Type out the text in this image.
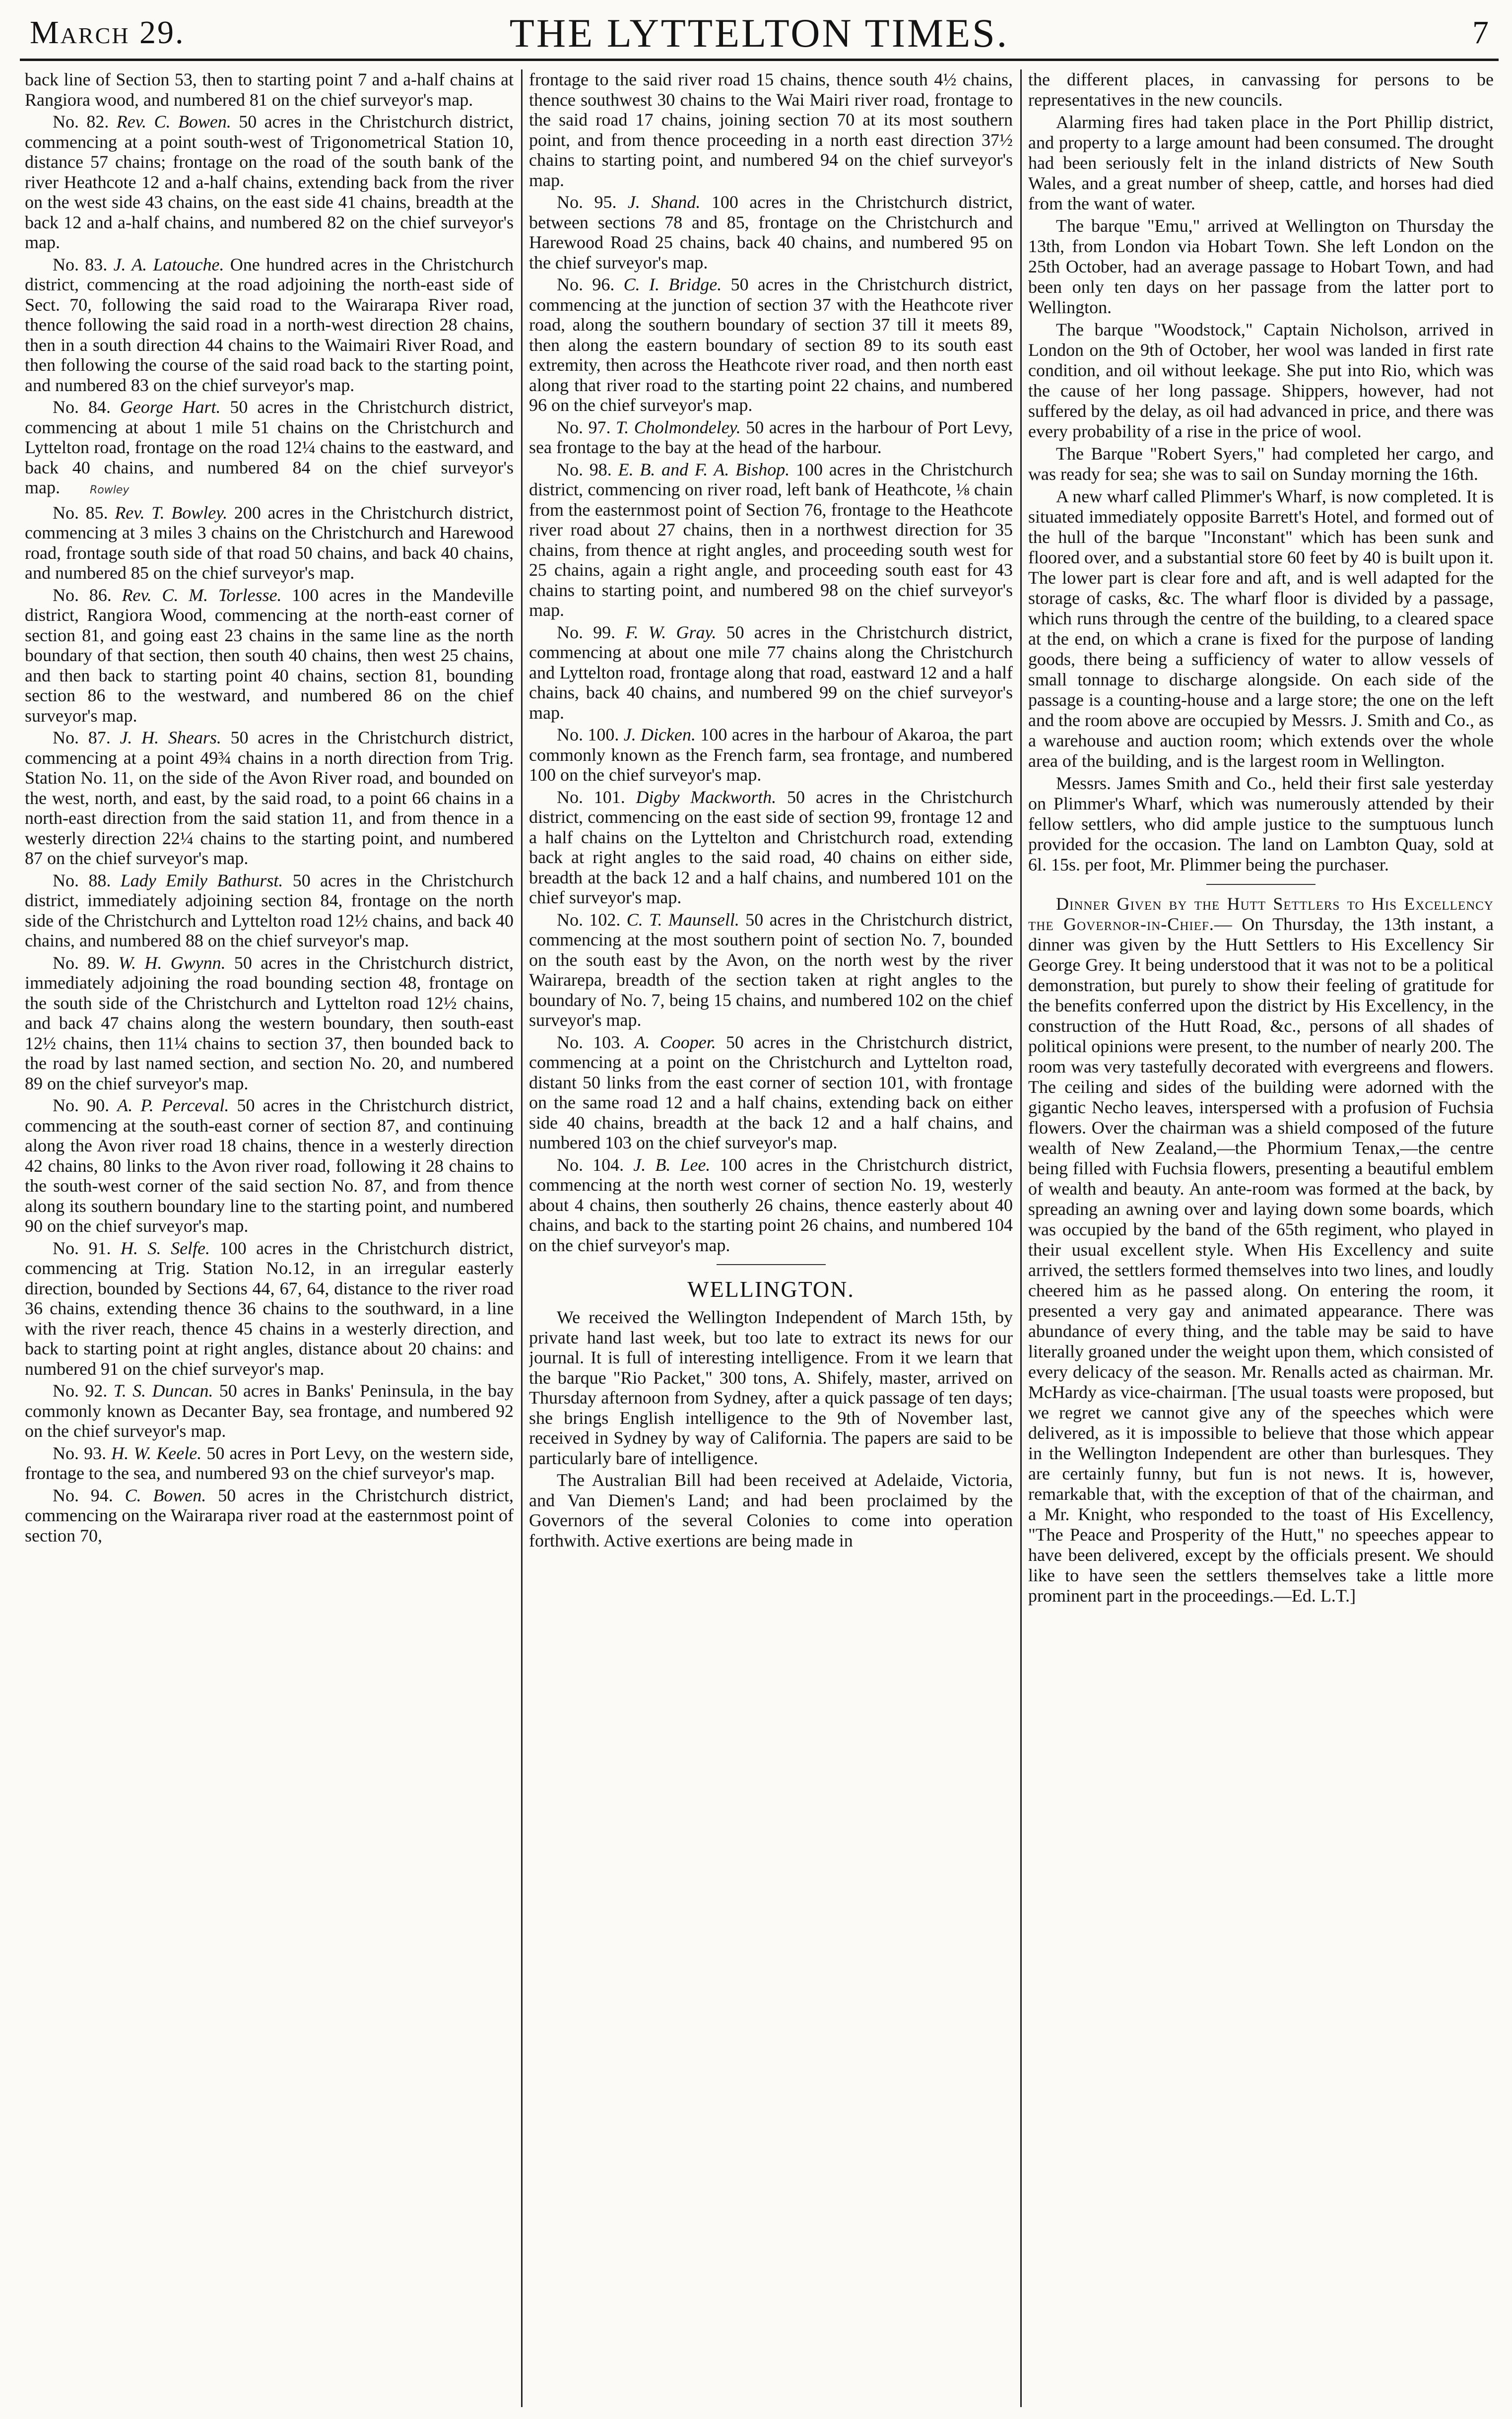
March 29.	THE LYTTELTON TIMES.	7

back line of Section 53, then to starting point 7 and a-half chains at Rangiora wood, and numbered 81 on the chief surveyor's map.

No. 82. Rev. C. Bowen. 50 acres in the Christchurch district, commencing at a point south-west of Trigonometrical Station 10, distance 57 chains; frontage on the road of the south bank of the river Heathcote 12 and a-half chains, extending back from the river on the west side 43 chains, on the east side 41 chains, breadth at the back 12 and a-half chains, and numbered 82 on the chief surveyor's map.

No. 83. J. A. Latouche. One hundred acres in the Christchurch district, commencing at the road adjoining the north-east side of Sect. 70, following the said road to the Wairarapa River road, thence following the said road in a north-west direction 28 chains, then in a south direction 44 chains to the Waimairi River Road, and then following the course of the said road back to the starting point, and numbered 83 on the chief surveyor's map.

No. 84. George Hart. 50 acres in the Christchurch district, commencing at about 1 mile 51 chains on the Christchurch and Lyttelton road, frontage on the road 12¼ chains to the eastward, and back 40 chains, and numbered 84 on the chief surveyor's map.	Rowley

No. 85. Rev. T. Bowley. 200 acres in the Christchurch district, commencing at 3 miles 3 chains on the Christchurch and Harewood road, frontage south side of that road 50 chains, and back 40 chains, and numbered 85 on the chief surveyor's map.

No. 86. Rev. C. M. Torlesse. 100 acres in the Mandeville district, Rangiora Wood, commencing at the north-east corner of section 81, and going east 23 chains in the same line as the north boundary of that section, then south 40 chains, then west 25 chains, and then back to starting point 40 chains, section 81, bounding section 86 to the westward, and numbered 86 on the chief surveyor's map.

No. 87. J. H. Shears. 50 acres in the Christchurch district, commencing at a point 49¾ chains in a north direction from Trig. Station No. 11, on the side of the Avon River road, and bounded on the west, north, and east, by the said road, to a point 66 chains in a north-east direction from the said station 11, and from thence in a westerly direction 22¼ chains to the starting point, and numbered 87 on the chief surveyor's map.

No. 88. Lady Emily Bathurst. 50 acres in the Christchurch district, immediately adjoining section 84, frontage on the north side of the Christchurch and Lyttelton road 12½ chains, and back 40 chains, and numbered 88 on the chief surveyor's map.

No. 89. W. H. Gwynn. 50 acres in the Christchurch district, immediately adjoining the road bounding section 48, frontage on the south side of the Christchurch and Lyttelton road 12½ chains, and back 47 chains along the western boundary, then south-east 12½ chains, then 11¼ chains to section 37, then bounded back to the road by last named section, and section No. 20, and numbered 89 on the chief surveyor's map.

No. 90. A. P. Perceval. 50 acres in the Christchurch district, commencing at the south-east corner of section 87, and continuing along the Avon river road 18 chains, thence in a westerly direction 42 chains, 80 links to the Avon river road, following it 28 chains to the south-west corner of the said section No. 87, and from thence along its southern boundary line to the starting point, and numbered 90 on the chief surveyor's map.

No. 91. H. S. Selfe. 100 acres in the Christchurch district, commencing at Trig. Station No.12, in an irregular easterly direction, bounded by Sections 44, 67, 64, distance to the river road 36 chains, extending thence 36 chains to the southward, in a line with the river reach, thence 45 chains in a westerly direction, and back to starting point at right angles, distance about 20 chains: and numbered 91 on the chief surveyor's map.

No. 92. T. S. Duncan. 50 acres in Banks' Peninsula, in the bay commonly known as Decanter Bay, sea frontage, and numbered 92 on the chief surveyor's map.

No. 93. H. W. Keele. 50 acres in Port Levy, on the western side, frontage to the sea, and numbered 93 on the chief surveyor's map.

No. 94. C. Bowen. 50 acres in the Christchurch district, commencing on the Wairarapa river road at the easternmost point of section 70,

frontage to the said river road 15 chains, thence south 4½ chains, thence southwest 30 chains to the Wai Mairi river road, frontage to the said road 17 chains, joining section 70 at its most southern point, and from thence proceeding in a north east direction 37½ chains to starting point, and numbered 94 on the chief surveyor's map.

No. 95. J. Shand. 100 acres in the Christchurch district, between sections 78 and 85, frontage on the Christchurch and Harewood Road 25 chains, back 40 chains, and numbered 95 on the chief surveyor's map.

No. 96. C. I. Bridge. 50 acres in the Christchurch district, commencing at the junction of section 37 with the Heathcote river road, along the southern boundary of section 37 till it meets 89, then along the eastern boundary of section 89 to its south east extremity, then across the Heathcote river road, and then north east along that river road to the starting point 22 chains, and numbered 96 on the chief surveyor's map.

No. 97. T. Cholmondeley. 50 acres in the harbour of Port Levy, sea frontage to the bay at the head of the harbour.

No. 98. E. B. and F. A. Bishop. 100 acres in the Christchurch district, commencing on river road, left bank of Heathcote, ⅛ chain from the easternmost point of Section 76, frontage to the Heathcote river road about 27 chains, then in a northwest direction for 35 chains, from thence at right angles, and proceeding south west for 25 chains, again a right angle, and proceeding south east for 43 chains to starting point, and numbered 98 on the chief surveyor's map.

No. 99. F. W. Gray. 50 acres in the Christchurch district, commencing at about one mile 77 chains along the Christchurch and Lyttelton road, frontage along that road, eastward 12 and a half chains, back 40 chains, and numbered 99 on the chief surveyor's map.

No. 100. J. Dicken. 100 acres in the harbour of Akaroa, the part commonly known as the French farm, sea frontage, and numbered 100 on the chief surveyor's map.

No. 101. Digby Mackworth. 50 acres in the Christchurch district, commencing on the east side of section 99, frontage 12 and a half chains on the Lyttelton and Christchurch road, extending back at right angles to the said road, 40 chains on either side, breadth at the back 12 and a half chains, and numbered 101 on the chief surveyor's map.

No. 102. C. T. Maunsell. 50 acres in the Christchurch district, commencing at the most southern point of section No. 7, bounded on the south east by the Avon, on the north west by the river Wairarepa, breadth of the section taken at right angles to the boundary of No. 7, being 15 chains, and numbered 102 on the chief surveyor's map.

No. 103. A. Cooper. 50 acres in the Christchurch district, commencing at a point on the Christchurch and Lyttelton road, distant 50 links from the east corner of section 101, with frontage on the same road 12 and a half chains, extending back on either side 40 chains, breadth at the back 12 and a half chains, and numbered 103 on the chief surveyor's map.

No. 104. J. B. Lee. 100 acres in the Christchurch district, commencing at the north west corner of section No. 19, westerly about 4 chains, then southerly 26 chains, thence easterly about 40 chains, and back to the starting point 26 chains, and numbered 104 on the chief surveyor's map.

WELLINGTON.

We received the Wellington Independent of March 15th, by private hand last week, but too late to extract its news for our journal. It is full of interesting intelligence. From it we learn that the barque "Rio Packet," 300 tons, A. Shifely, master, arrived on Thursday afternoon from Sydney, after a quick passage of ten days; she brings English intelligence to the 9th of November last, received in Sydney by way of California. The papers are said to be particularly bare of intelligence.

The Australian Bill had been received at Adelaide, Victoria, and Van Diemen's Land; and had been proclaimed by the Governors of the several Colonies to come into operation forthwith. Active exertions are being made in

the different places, in canvassing for persons to be representatives in the new councils.

Alarming fires had taken place in the Port Phillip district, and property to a large amount had been consumed. The drought had been seriously felt in the inland districts of New South Wales, and a great number of sheep, cattle, and horses had died from the want of water.

The barque "Emu," arrived at Wellington on Thursday the 13th, from London via Hobart Town. She left London on the 25th October, had an average passage to Hobart Town, and had been only ten days on her passage from the latter port to Wellington.

The barque "Woodstock," Captain Nicholson, arrived in London on the 9th of October, her wool was landed in first rate condition, and oil without leekage. She put into Rio, which was the cause of her long passage. Shippers, however, had not suffered by the delay, as oil had advanced in price, and there was every probability of a rise in the price of wool.

The Barque "Robert Syers," had completed her cargo, and was ready for sea; she was to sail on Sunday morning the 16th.

A new wharf called Plimmer's Wharf, is now completed. It is situated immediately opposite Barrett's Hotel, and formed out of the hull of the barque "Inconstant" which has been sunk and floored over, and a substantial store 60 feet by 40 is built upon it. The lower part is clear fore and aft, and is well adapted for the storage of casks, &c. The wharf floor is divided by a passage, which runs through the centre of the building, to a cleared space at the end, on which a crane is fixed for the purpose of landing goods, there being a sufficiency of water to allow vessels of small tonnage to discharge alongside. On each side of the passage is a counting-house and a large store; the one on the left and the room above are occupied by Messrs. J. Smith and Co., as a warehouse and auction room; which extends over the whole area of the building, and is the largest room in Wellington.

Messrs. James Smith and Co., held their first sale yesterday on Plimmer's Wharf, which was numerously attended by their fellow settlers, who did ample justice to the sumptuous lunch provided for the occasion. The land on Lambton Quay, sold at 6l. 15s. per foot, Mr. Plimmer being the purchaser.

Dinner Given by the Hutt Settlers to His Excellency the Governor-in-Chief.— On Thursday, the 13th instant, a dinner was given by the Hutt Settlers to His Excellency Sir George Grey. It being understood that it was not to be a political demonstration, but purely to show their feeling of gratitude for the benefits conferred upon the district by His Excellency, in the construction of the Hutt Road, &c., persons of all shades of political opinions were present, to the number of nearly 200. The room was very tastefully decorated with evergreens and flowers. The ceiling and sides of the building were adorned with the gigantic Necho leaves, interspersed with a profusion of Fuchsia flowers. Over the chairman was a shield composed of the future wealth of New Zealand,—the Phormium Tenax,—the centre being filled with Fuchsia flowers, presenting a beautiful emblem of wealth and beauty. An ante-room was formed at the back, by spreading an awning over and laying down some boards, which was occupied by the band of the 65th regiment, who played in their usual excellent style. When His Excellency and suite arrived, the settlers formed themselves into two lines, and loudly cheered him as he passed along. On entering the room, it presented a very gay and animated appearance. There was abundance of every thing, and the table may be said to have literally groaned under the weight upon them, which consisted of every delicacy of the season. Mr. Renalls acted as chairman. Mr. McHardy as vice-chairman. [The usual toasts were proposed, but we regret we cannot give any of the speeches which were delivered, as it is impossible to believe that those which appear in the Wellington Independent are other than burlesques. They are certainly funny, but fun is not news. It is, however, remarkable that, with the exception of that of the chairman, and a Mr. Knight, who responded to the toast of His Excellency, "The Peace and Prosperity of the Hutt," no speeches appear to have been delivered, except by the officials present. We should like to have seen the settlers themselves take a little more prominent part in the proceedings.—Ed. L.T.]
